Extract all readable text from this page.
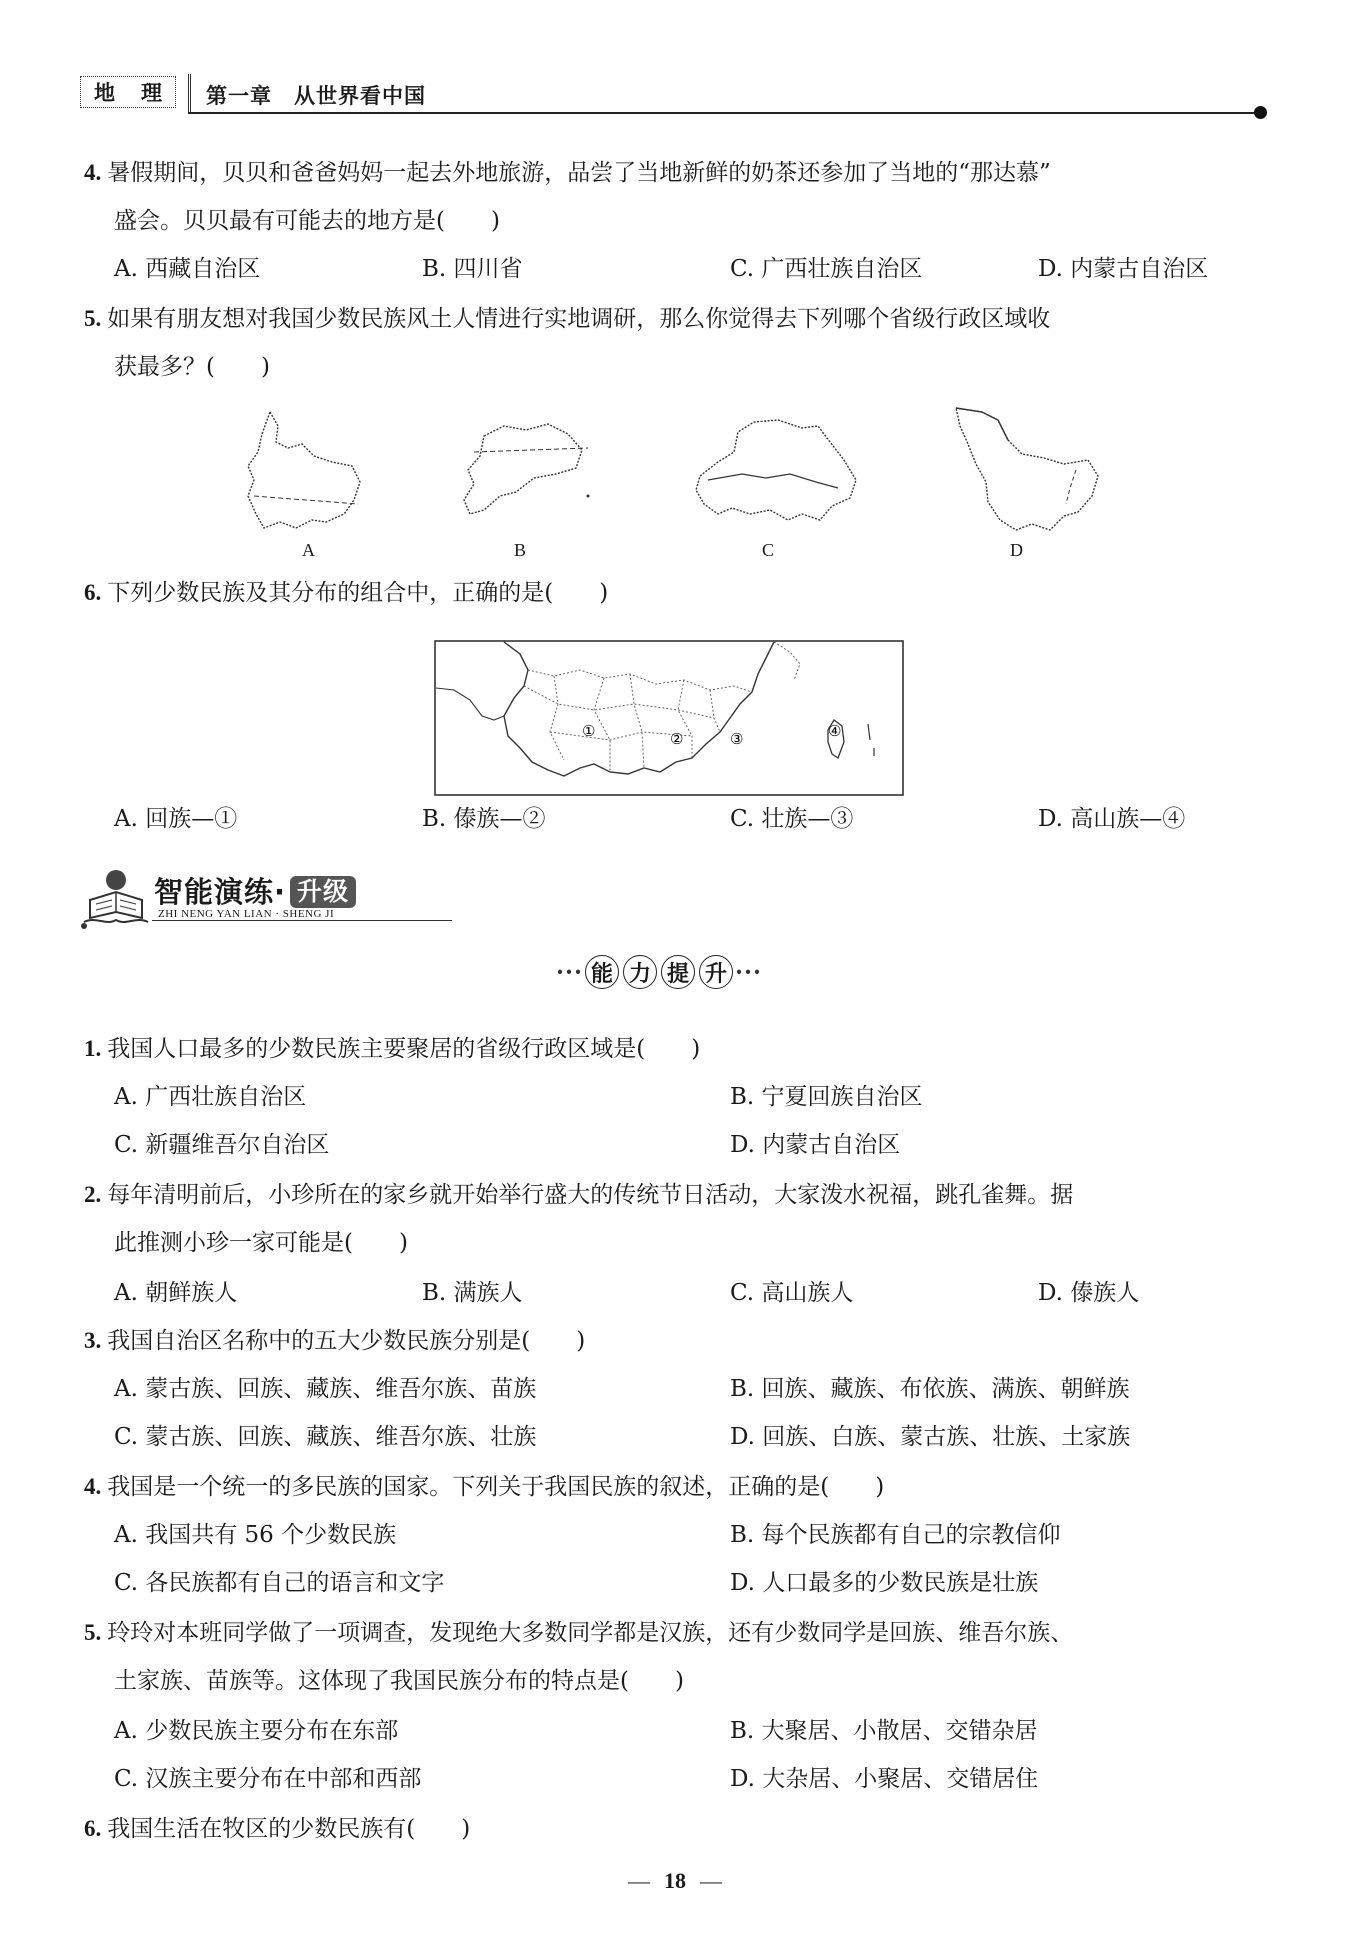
地 理 第一章 从世界看中国
4. 暑假期间，贝贝和爸爸妈妈一起去外地旅游，品尝了当地新鲜的奶茶还参加了当地的“那达慕”
盛会。贝贝最有可能去的地方是(　　)
A. 西藏自治区	B. 四川省	C. 广西壮族自治区	D. 内蒙古自治区
5. 如果有朋友想对我国少数民族风土人情进行实地调研，那么你觉得去下列哪个省级行政区域收
获最多？(　　)
A	B	C	D
6. 下列少数民族及其分布的组合中，正确的是(　　)
①	②	③	④
A. 回族—①	B. 傣族—②	C. 壮族—③	D. 高山族—④
智能演练· 升级
ZHI NENG YAN LIAN · SHENG JI
··· 能 力 提 升 ···
1. 我国人口最多的少数民族主要聚居的省级行政区域是(　　)
A. 广西壮族自治区	B. 宁夏回族自治区
C. 新疆维吾尔自治区	D. 内蒙古自治区
2. 每年清明前后，小珍所在的家乡就开始举行盛大的传统节日活动，大家泼水祝福，跳孔雀舞。据
此推测小珍一家可能是(　　)
A. 朝鲜族人	B. 满族人	C. 高山族人	D. 傣族人
3. 我国自治区名称中的五大少数民族分别是(　　)
A. 蒙古族、回族、藏族、维吾尔族、苗族	B. 回族、藏族、布依族、满族、朝鲜族
C. 蒙古族、回族、藏族、维吾尔族、壮族	D. 回族、白族、蒙古族、壮族、土家族
4. 我国是一个统一的多民族的国家。下列关于我国民族的叙述，正确的是(　　)
A. 我国共有 56 个少数民族	B. 每个民族都有自己的宗教信仰
C. 各民族都有自己的语言和文字	D. 人口最多的少数民族是壮族
5. 玲玲对本班同学做了一项调查，发现绝大多数同学都是汉族，还有少数同学是回族、维吾尔族、
土家族、苗族等。这体现了我国民族分布的特点是(　　)
A. 少数民族主要分布在东部	B. 大聚居、小散居、交错杂居
C. 汉族主要分布在中部和西部	D. 大杂居、小聚居、交错居住
6. 我国生活在牧区的少数民族有(　　)
— 18 —
